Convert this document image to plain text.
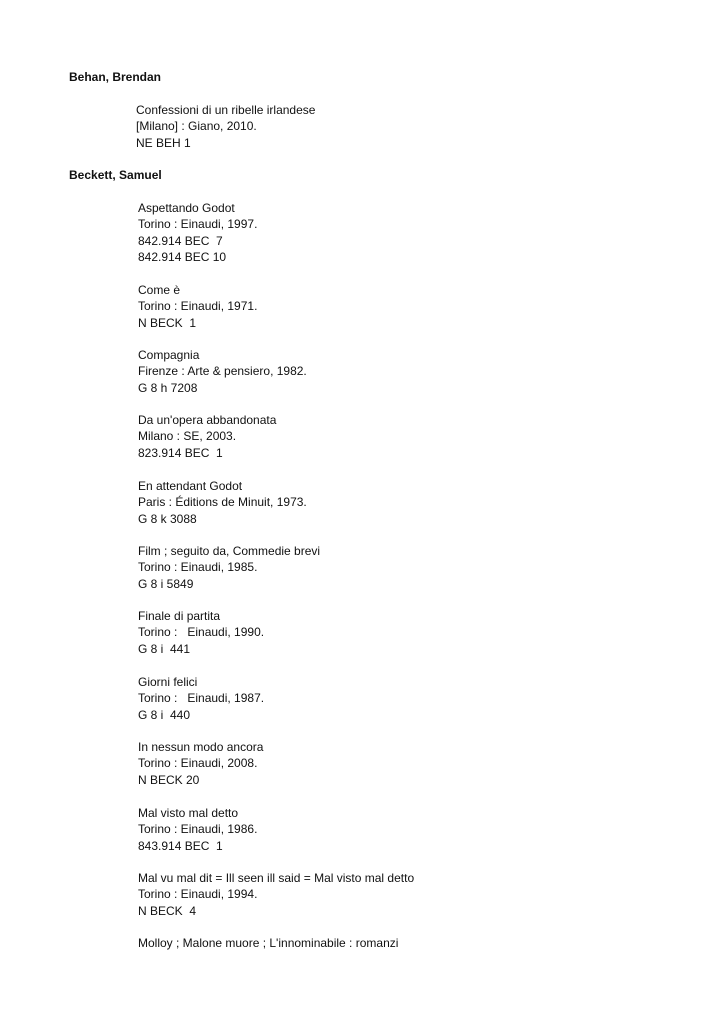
Behan, Brendan
Confessioni di un ribelle irlandese
[Milano] : Giano, 2010.
NE BEH 1
Beckett, Samuel
Aspettando Godot
Torino : Einaudi, 1997.
842.914 BEC  7
842.914 BEC 10
Come è
Torino : Einaudi, 1971.
N BECK  1
Compagnia
Firenze : Arte & pensiero, 1982.
G 8 h 7208
Da un'opera abbandonata
Milano : SE, 2003.
823.914 BEC  1
En attendant Godot
Paris : Éditions de Minuit, 1973.
G 8 k 3088
Film ; seguito da, Commedie brevi
Torino : Einaudi, 1985.
G 8 i 5849
Finale di partita
Torino :   Einaudi, 1990.
G 8 i  441
Giorni felici
Torino :   Einaudi, 1987.
G 8 i  440
In nessun modo ancora
Torino : Einaudi, 2008.
N BECK 20
Mal visto mal detto
Torino : Einaudi, 1986.
843.914 BEC  1
Mal vu mal dit = Ill seen ill said = Mal visto mal detto
Torino : Einaudi, 1994.
N BECK  4
Molloy ; Malone muore ; L'innominabile : romanzi
